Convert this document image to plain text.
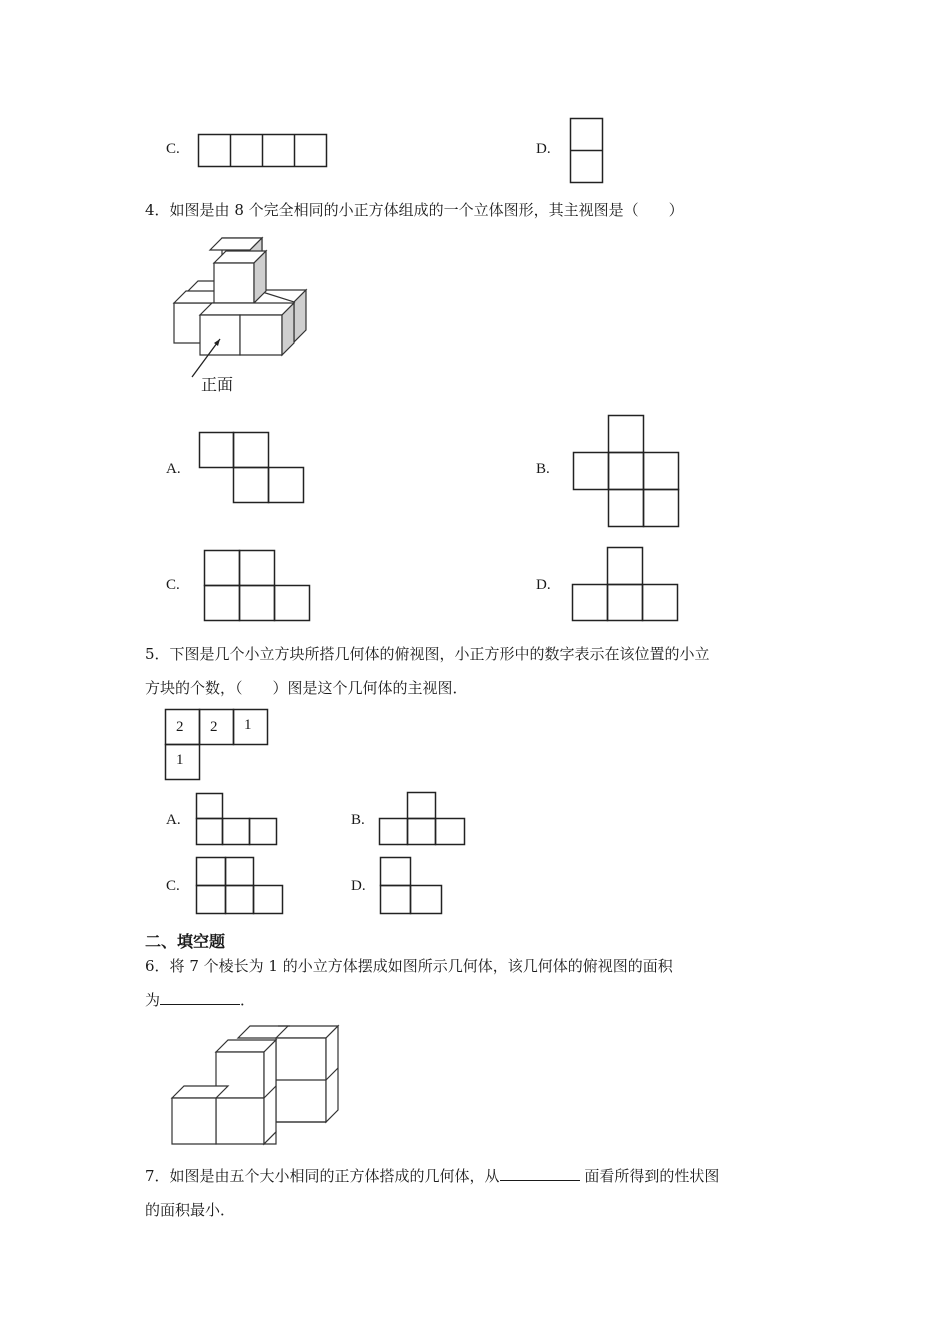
C.	D.
4．如图是由 8 个完全相同的小正方体组成的一个立体图形，其主视图是（　　）
正面
A.	B.
C.	D.
5．下图是几个小立方块所搭几何体的俯视图，小正方形中的数字表示在该位置的小立
方块的个数，（　　）图是这个几何体的主视图．
2 2 1
1
A.	B.
C.	D.
二、填空题
6．将 7 个棱长为 1 的小立方体摆成如图所示几何体，该几何体的俯视图的面积
为	．
7．如图是由五个大小相同的正方体搭成的几何体，从	面看所得到的性状图
的面积最小．
